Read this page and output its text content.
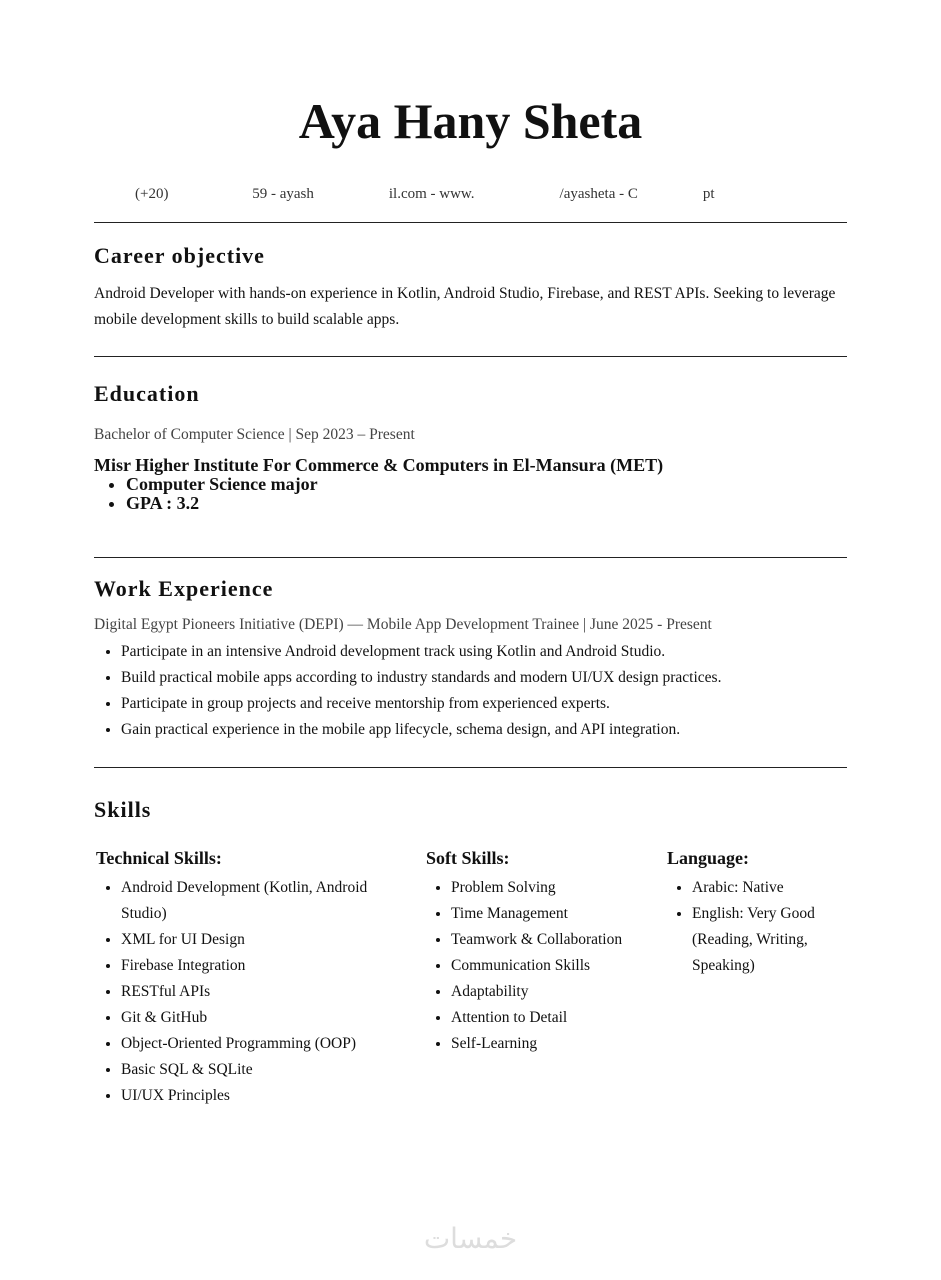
Aya Hany Sheta
(+20)	59 - ayash	il.com - www.	/ayasheta - C	pt
Career objective
Android Developer with hands-on experience in Kotlin, Android Studio, Firebase, and REST APIs. Seeking to leverage mobile development skills to build scalable apps.
Education
Bachelor of Computer Science | Sep 2023 – Present
Misr Higher Institute For Commerce & Computers in El-Mansura (MET)
• Computer Science major
• GPA : 3.2
Work Experience
Digital Egypt Pioneers Initiative (DEPI) — Mobile App Development Trainee | June 2025 - Present
• Participate in an intensive Android development track using Kotlin and Android Studio.
• Build practical mobile apps according to industry standards and modern UI/UX design practices.
• Participate in group projects and receive mentorship from experienced experts.
• Gain practical experience in the mobile app lifecycle, schema design, and API integration.
Skills
Technical Skills:
• Android Development (Kotlin, Android Studio)
• XML for UI Design
• Firebase Integration
• RESTful APIs
• Git & GitHub
• Object-Oriented Programming (OOP)
• Basic SQL & SQLite
• UI/UX Principles
Soft Skills:
• Problem Solving
• Time Management
• Teamwork & Collaboration
• Communication Skills
• Adaptability
• Attention to Detail
• Self-Learning
Language:
• Arabic: Native
• English: Very Good (Reading, Writing, Speaking)
خمسات
